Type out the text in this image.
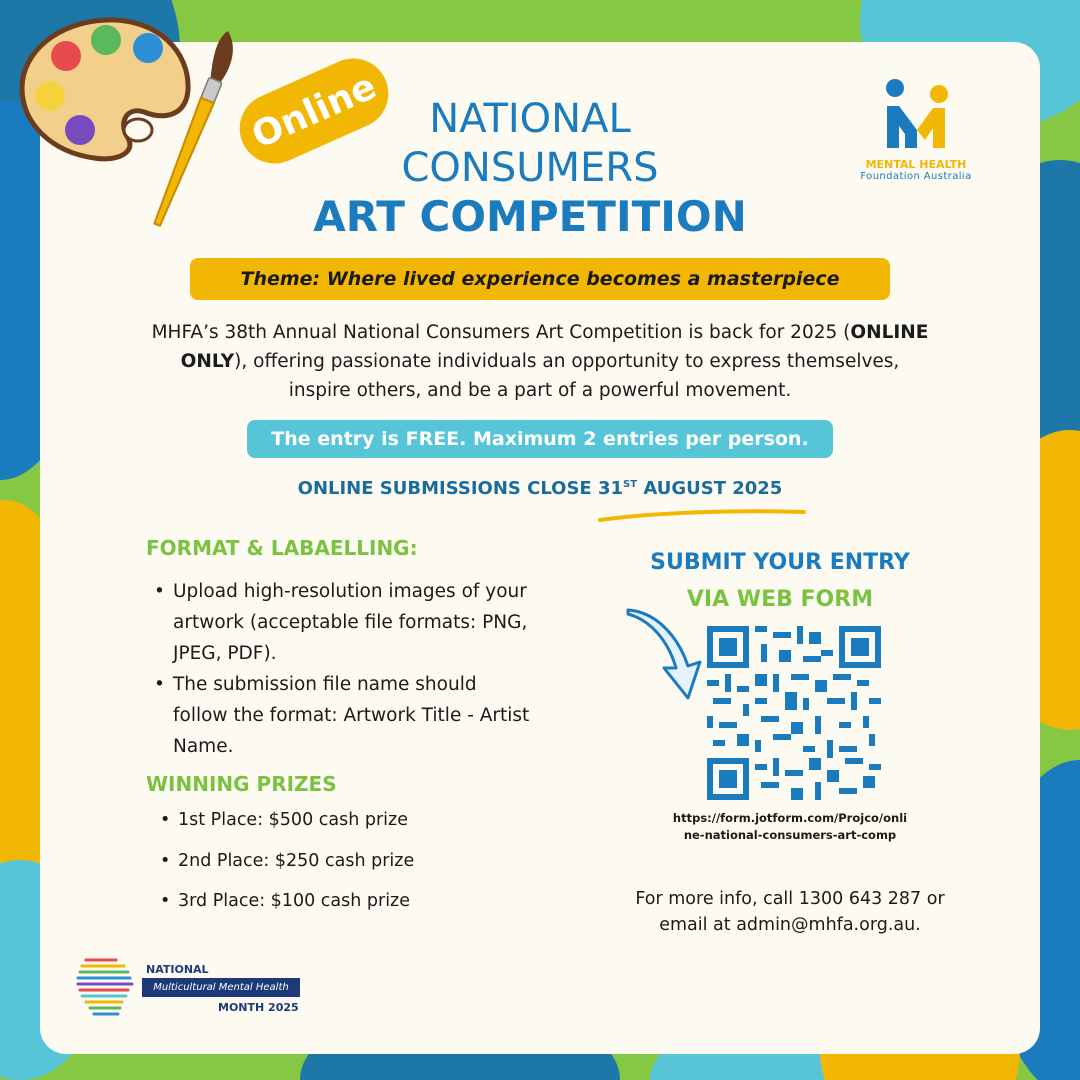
Online	NATIONAL
CONSUMERS
ART COMPETITION
MENTAL HEALTH
Foundation Australia
Theme: Where lived experience becomes a masterpiece
MHFA’s 38th Annual National Consumers Art Competition is back for 2025 (ONLINE ONLY), offering passionate individuals an opportunity to express themselves, inspire others, and be a part of a powerful movement.
The entry is FREE. Maximum 2 entries per person.
ONLINE SUBMISSIONS CLOSE 31ST AUGUST 2025
FORMAT & LABAELLING:
• Upload high-resolution images of your artwork (acceptable file formats: PNG, JPEG, PDF).
• The submission file name should follow the format: Artwork Title - Artist Name.
WINNING PRIZES
• 1st Place: $500 cash prize
• 2nd Place: $250 cash prize
• 3rd Place: $100 cash prize
SUBMIT YOUR ENTRY
VIA WEB FORM
https://form.jotform.com/Projco/onli
ne-national-consumers-art-comp
For more info, call 1300 643 287 or
email at admin@mhfa.org.au.
NATIONAL
Multicultural Mental Health
MONTH 2025
